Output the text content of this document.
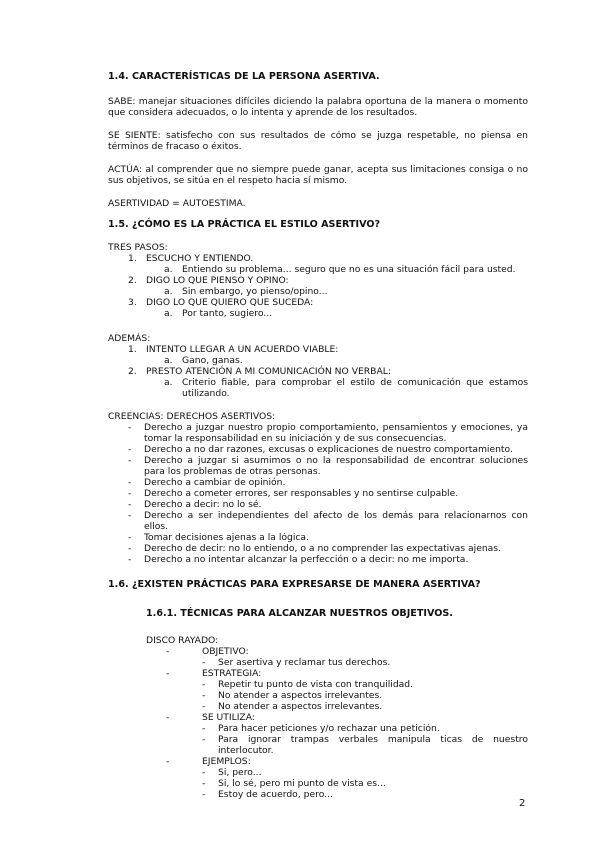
1.4. CARACTERÍSTICAS DE LA PERSONA ASERTIVA.
SABE: manejar situaciones difíciles diciendo la palabra oportuna de la manera o momento que considera adecuados, o lo intenta y aprende de los resultados.
SE SIENTE: satisfecho con sus resultados de cómo se juzga respetable, no piensa en términos de fracaso o éxitos.
ACTÚA: al comprender que no siempre puede ganar, acepta sus limitaciones consiga o no sus objetivos, se sitúa en el respeto hacia sí mismo.
ASERTIVIDAD = AUTOESTIMA.
1.5. ¿CÓMO ES LA PRÁCTICA EL ESTILO ASERTIVO?
TRES PASOS:
1. ESCUCHO Y ENTIENDO.
a. Entiendo su problema... seguro que no es una situación fácil para usted.
2. DIGO LO QUE PIENSO Y OPINO:
a. Sin embargo, yo pienso/opino...
3. DIGO LO QUE QUIERO QUE SUCEDA:
a. Por tanto, sugiero...
ADEMÁS:
1. INTENTO LLEGAR A UN ACUERDO VIABLE:
a. Gano, ganas.
2. PRESTO ATENCIÓN A MI COMUNICACIÓN NO VERBAL:
a. Criterio fiable, para comprobar el estilo de comunicación que estamos utilizando.
CREENCIAS: DERECHOS ASERTIVOS:
- Derecho a juzgar nuestro propio comportamiento, pensamientos y emociones, ya tomar la responsabilidad en su iniciación y de sus consecuencias.
- Derecho a no dar razones, excusas o explicaciones de nuestro comportamiento.
- Derecho a juzgar si asumimos o no la responsabilidad de encontrar soluciones para los problemas de otras personas.
- Derecho a cambiar de opinión.
- Derecho a cometer errores, ser responsables y no sentirse culpable.
- Derecho a decir: no lo sé.
- Derecho a ser independientes del afecto de los demás para relacionarnos con ellos.
- Tomar decisiones ajenas a la lógica.
- Derecho de decir: no lo entiendo, o a no comprender las expectativas ajenas.
- Derecho a no intentar alcanzar la perfección o a decir: no me importa.
1.6. ¿EXISTEN PRÁCTICAS PARA EXPRESARSE DE MANERA ASERTIVA?
1.6.1. TÉCNICAS PARA ALCANZAR NUESTROS OBJETIVOS.
DISCO RAYADO:
-	OBJETIVO:
- Ser asertiva y reclamar tus derechos.
-	ESTRATEGIA:
- Repetir tu punto de vista con tranquilidad.
- No atender a aspectos irrelevantes.
- No atender a aspectos irrelevantes.
-	SE UTILIZA:
- Para hacer peticiones y/o rechazar una petición.
- Para ignorar trampas verbales manipula ticas de nuestro interlocutor.
-	EJEMPLOS:
- Si, pero...
- Si, lo sé, pero mi punto de vista es...
- Estoy de acuerdo, pero...
2
